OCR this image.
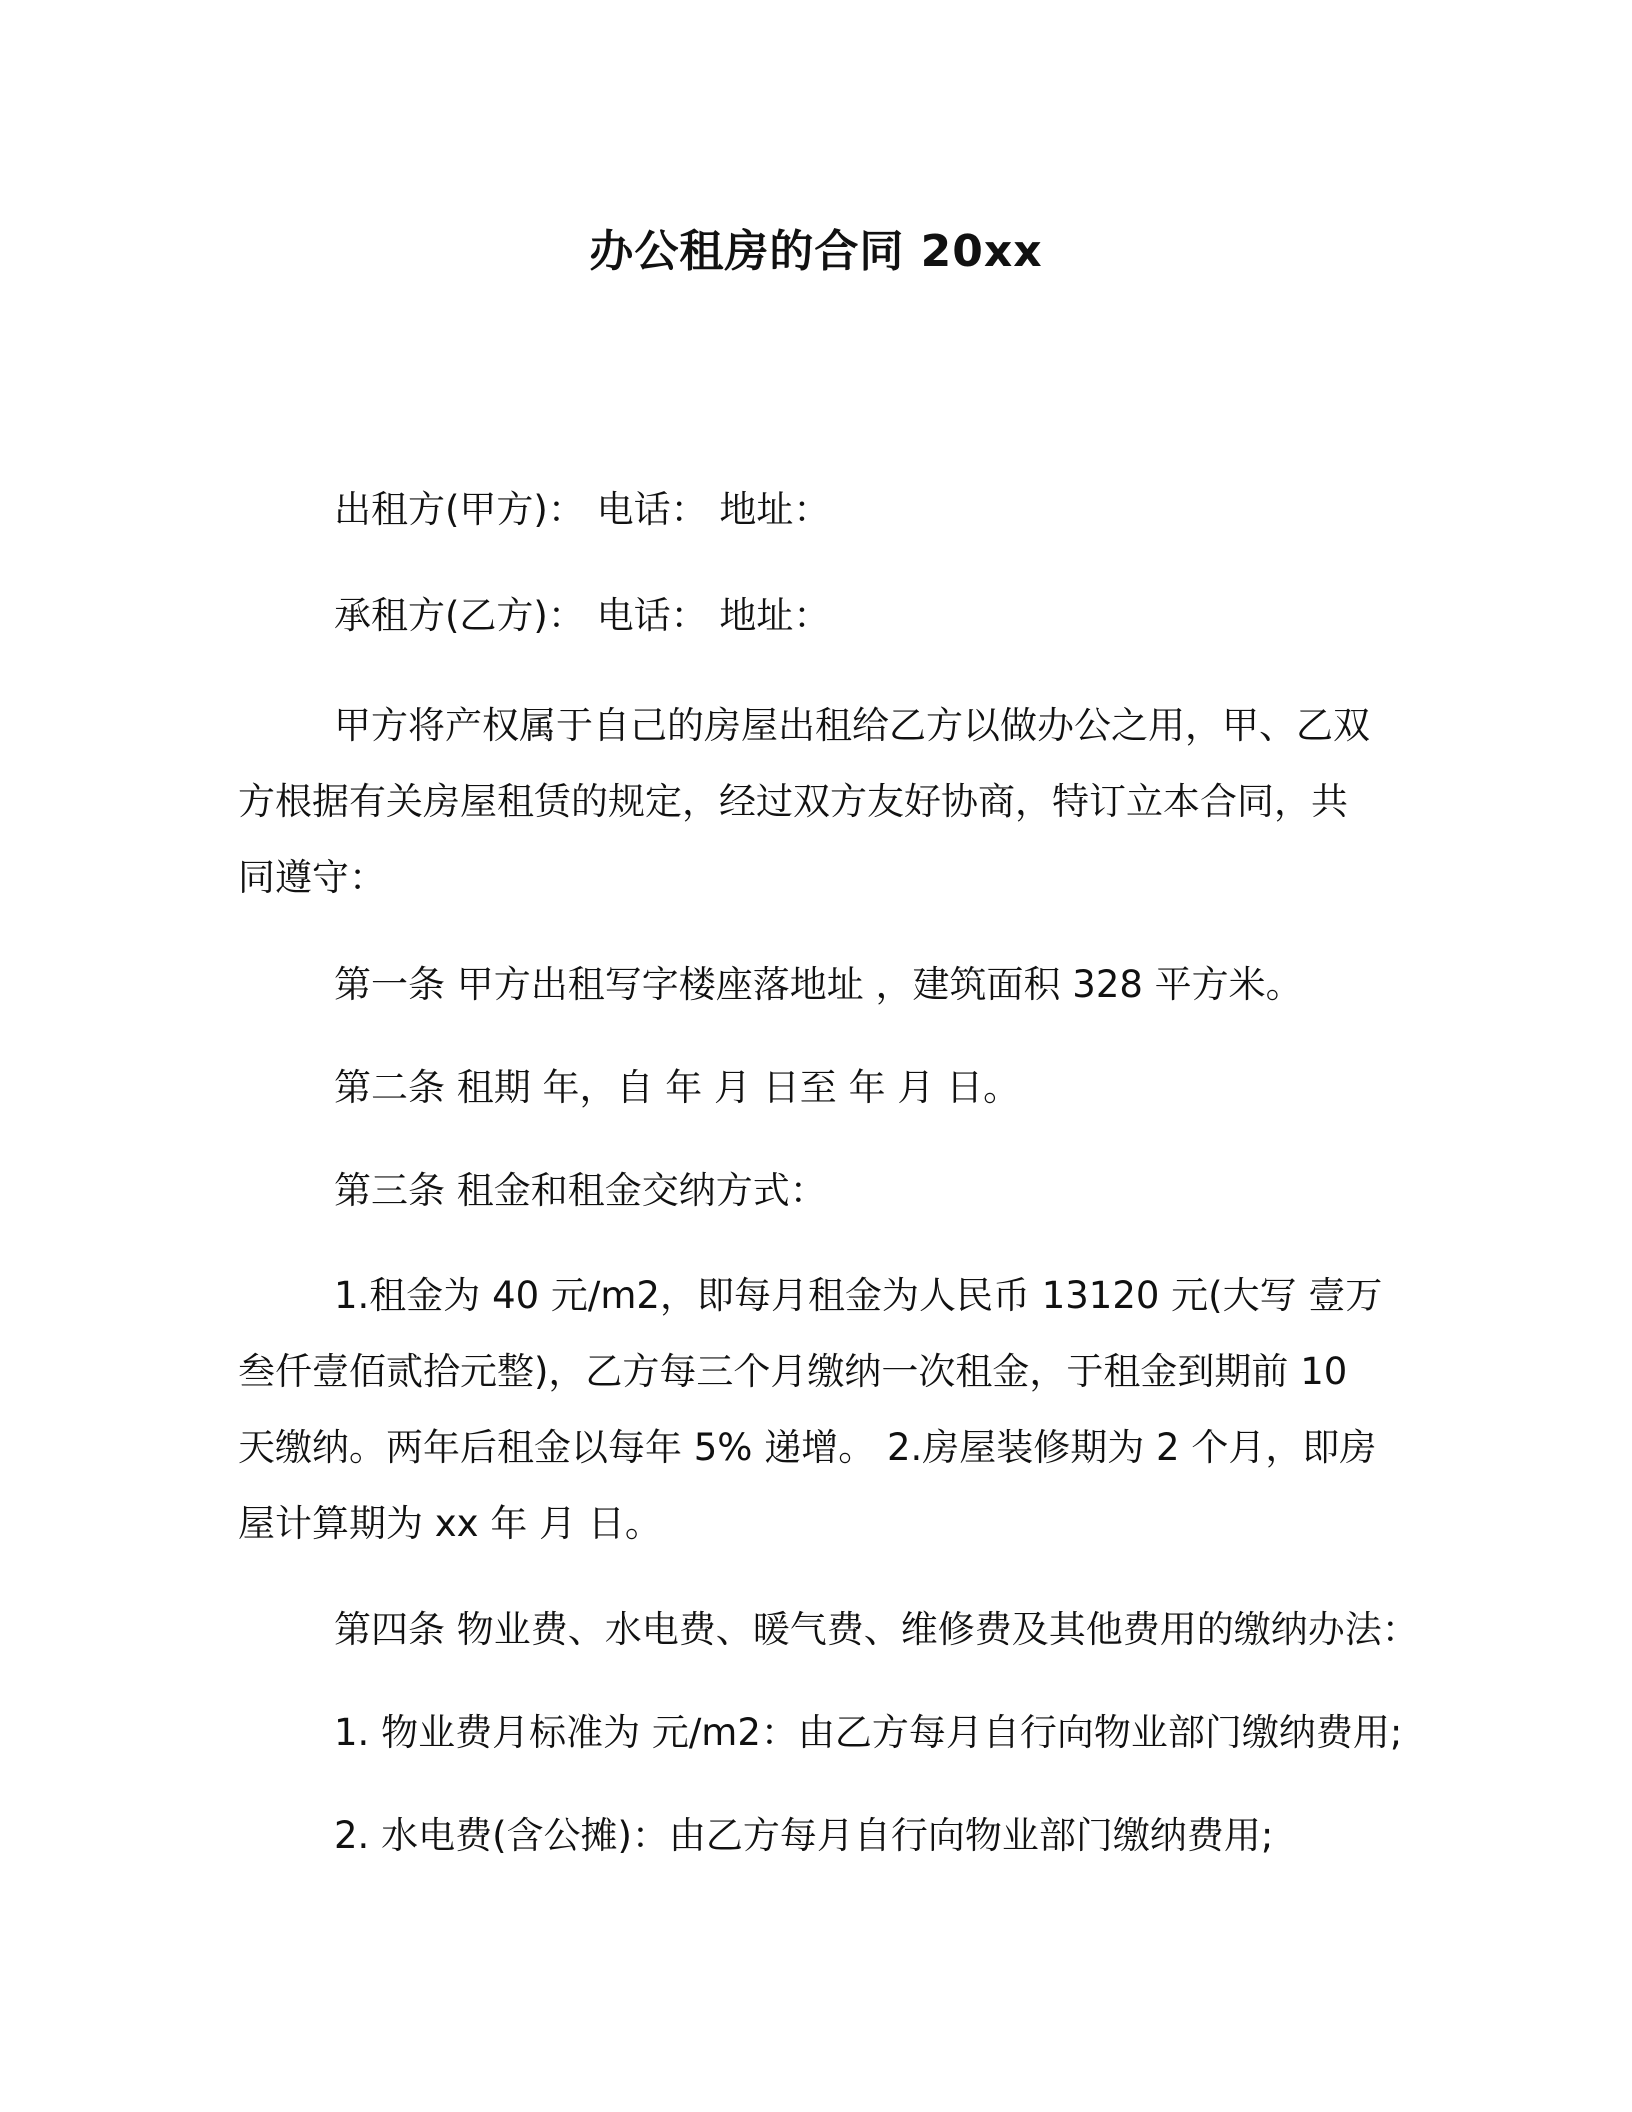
办公租房的合同 20xx
出租方(甲方)： 电话： 地址：
承租方(乙方)： 电话： 地址：
甲方将产权属于自己的房屋出租给乙方以做办公之用，甲、乙双
方根据有关房屋租赁的规定，经过双方友好协商，特订立本合同，共
同遵守：
第一条 甲方出租写字楼座落地址 ，建筑面积 328 平方米。
第二条 租期 年，自 年 月 日至 年 月 日。
第三条 租金和租金交纳方式：
1.租金为 40 元/m2，即每月租金为人民币 13120 元(大写 壹万
叁仟壹佰贰拾元整)，乙方每三个月缴纳一次租金，于租金到期前 10
天缴纳。两年后租金以每年 5% 递增。 2.房屋装修期为 2 个月，即房
屋计算期为 xx 年 月 日。
第四条 物业费、水电费、暖气费、维修费及其他费用的缴纳办法：
1. 物业费月标准为 元/m2：由乙方每月自行向物业部门缴纳费用;
2. 水电费(含公摊)：由乙方每月自行向物业部门缴纳费用;
